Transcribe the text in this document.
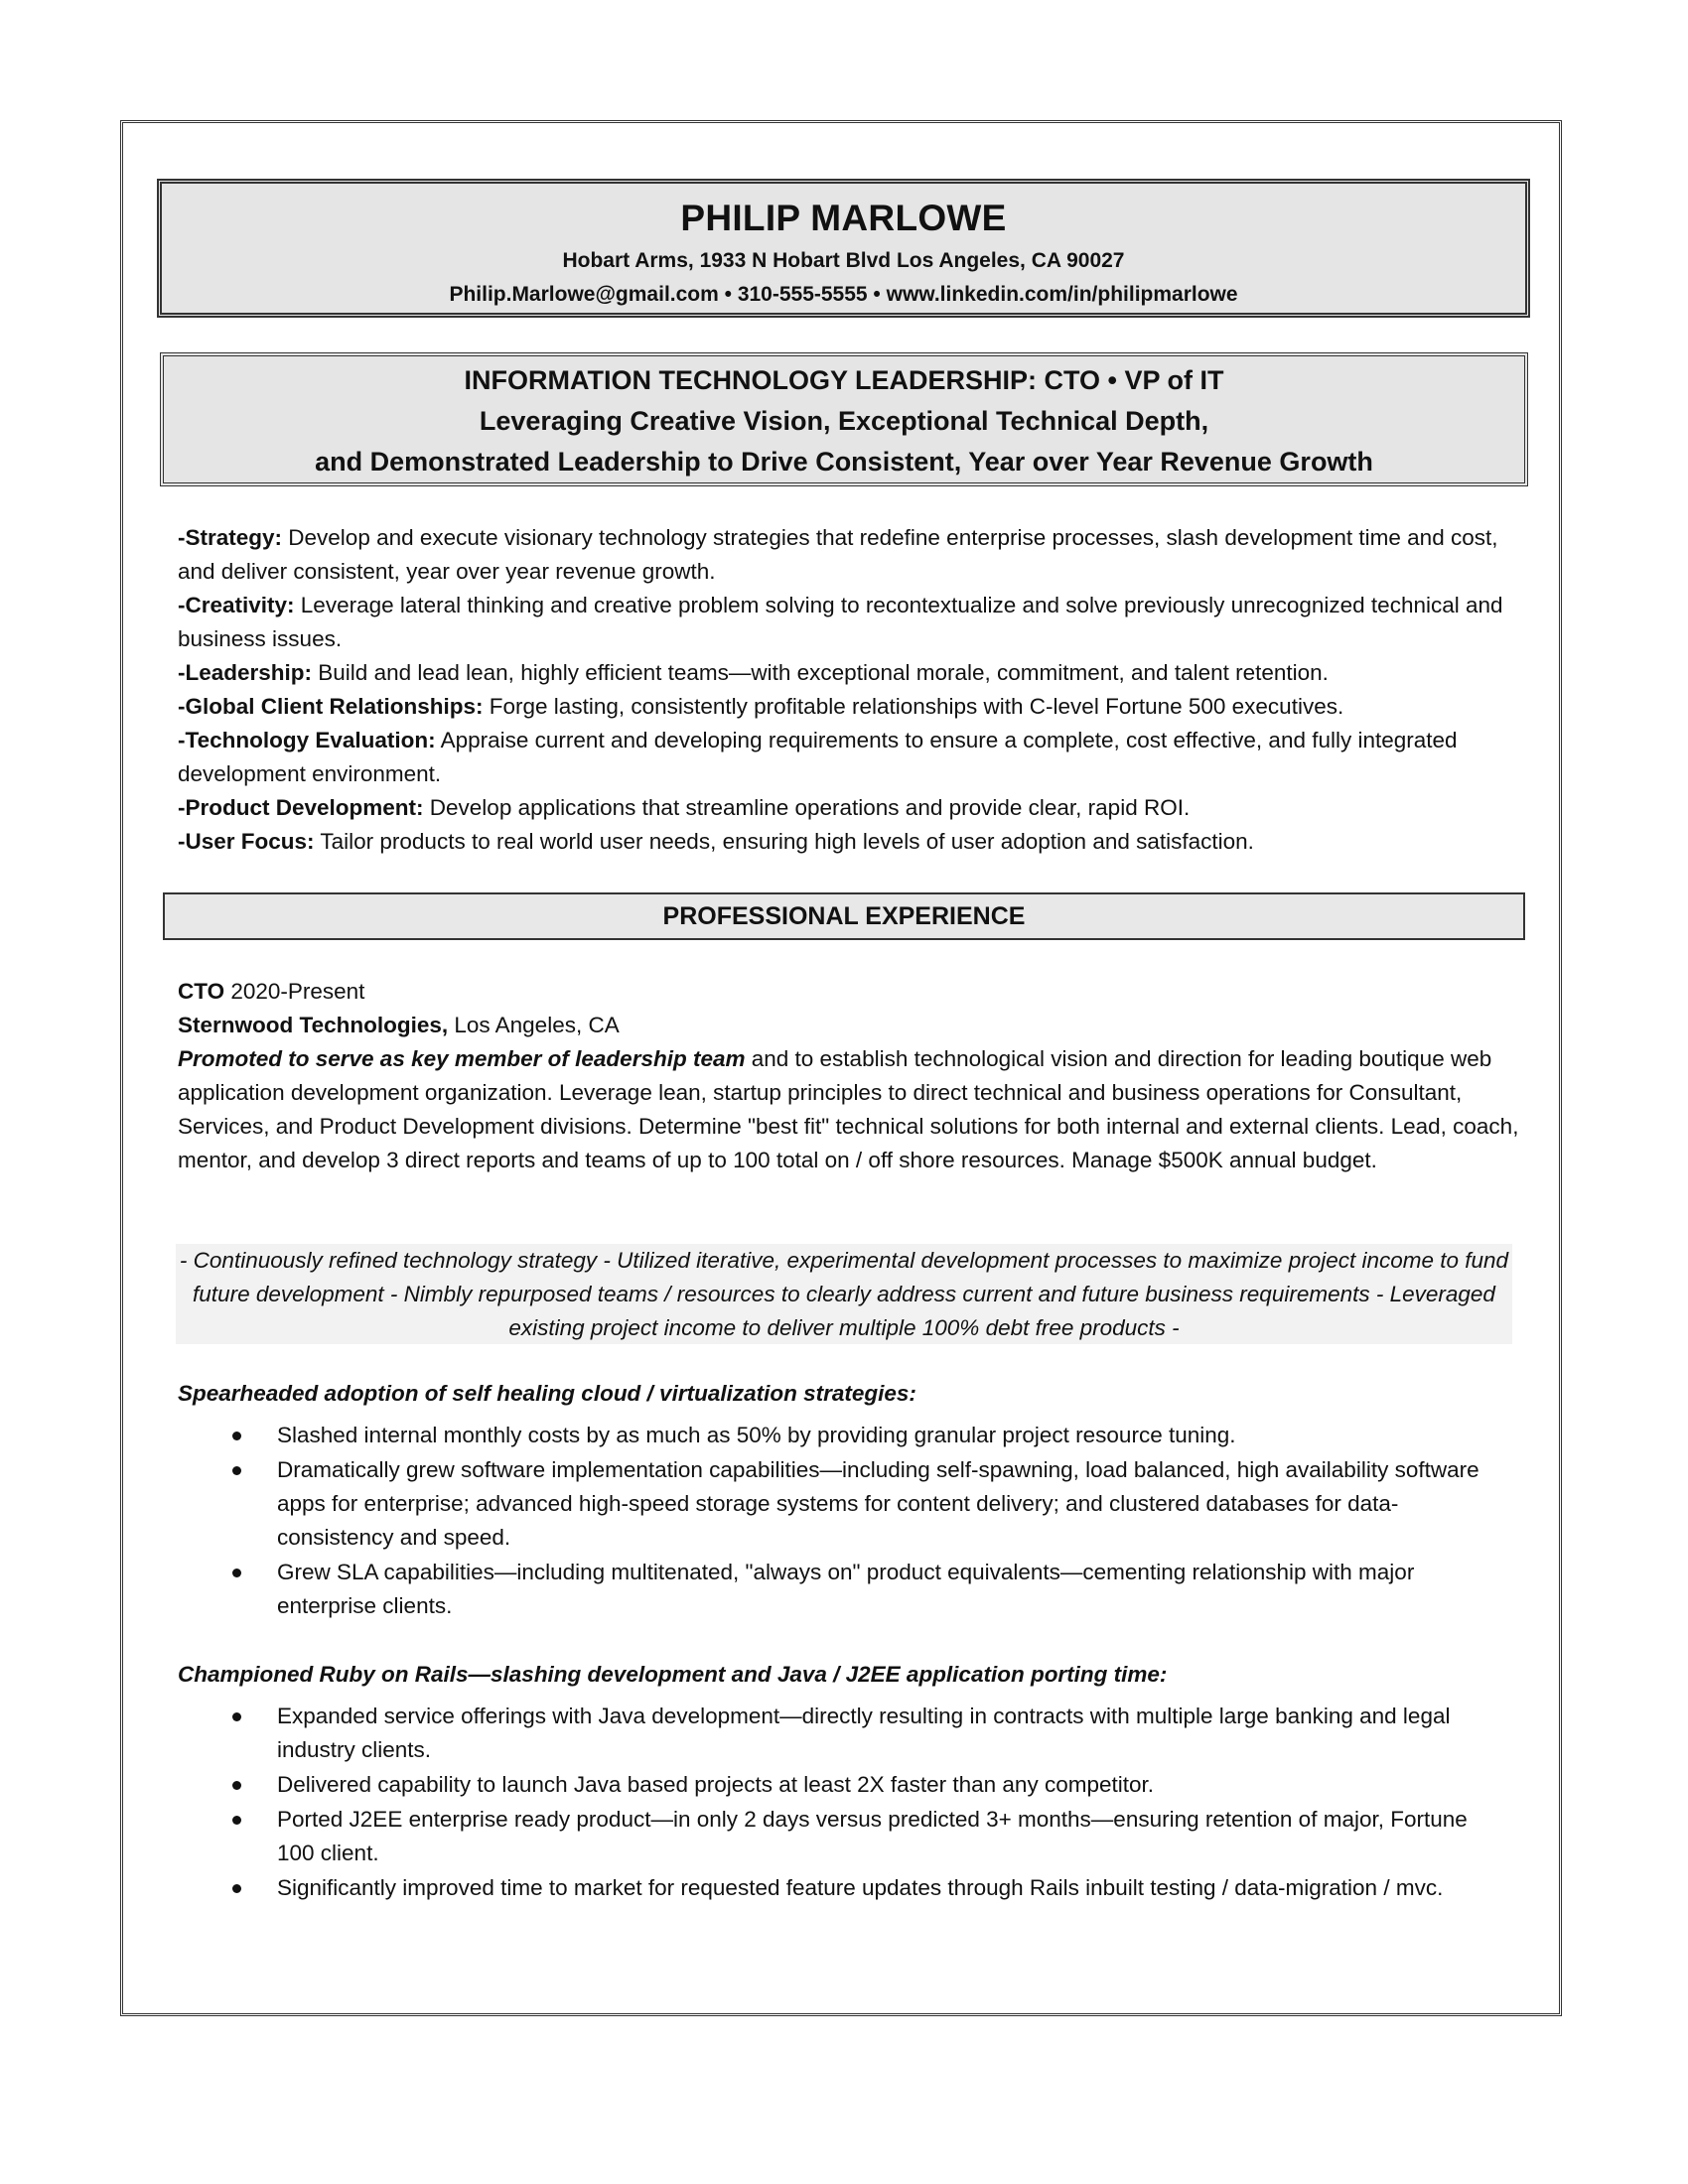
PHILIP MARLOWE
Hobart Arms, 1933 N Hobart Blvd Los Angeles, CA 90027
Philip.Marlowe@gmail.com • 310-555-5555 • www.linkedin.com/in/philipmarlowe
INFORMATION TECHNOLOGY LEADERSHIP: CTO • VP of IT
Leveraging Creative Vision, Exceptional Technical Depth,
and Demonstrated Leadership to Drive Consistent, Year over Year Revenue Growth
-Strategy: Develop and execute visionary technology strategies that redefine enterprise processes, slash development time and cost, and deliver consistent, year over year revenue growth.
-Creativity: Leverage lateral thinking and creative problem solving to recontextualize and solve previously unrecognized technical and business issues.
-Leadership: Build and lead lean, highly efficient teams—with exceptional morale, commitment, and talent retention.
-Global Client Relationships: Forge lasting, consistently profitable relationships with C-level Fortune 500 executives.
-Technology Evaluation: Appraise current and developing requirements to ensure a complete, cost effective, and fully integrated development environment.
-Product Development: Develop applications that streamline operations and provide clear, rapid ROI.
-User Focus: Tailor products to real world user needs, ensuring high levels of user adoption and satisfaction.
PROFESSIONAL EXPERIENCE
CTO 2020-Present
Sternwood Technologies, Los Angeles, CA
Promoted to serve as key member of leadership team and to establish technological vision and direction for leading boutique web application development organization. Leverage lean, startup principles to direct technical and business operations for Consultant, Services, and Product Development divisions. Determine "best fit" technical solutions for both internal and external clients. Lead, coach, mentor, and develop 3 direct reports and teams of up to 100 total on / off shore resources. Manage $500K annual budget.
- Continuously refined technology strategy - Utilized iterative, experimental development processes to maximize project income to fund future development - Nimbly repurposed teams / resources to clearly address current and future business requirements - Leveraged existing project income to deliver multiple 100% debt free products -
Spearheaded adoption of self healing cloud / virtualization strategies:
Slashed internal monthly costs by as much as 50% by providing granular project resource tuning.
Dramatically grew software implementation capabilities—including self-spawning, load balanced, high availability software apps for enterprise; advanced high-speed storage systems for content delivery; and clustered databases for data-consistency and speed.
Grew SLA capabilities—including multitenated, "always on" product equivalents—cementing relationship with major enterprise clients.
Championed Ruby on Rails—slashing development and Java / J2EE application porting time:
Expanded service offerings with Java development—directly resulting in contracts with multiple large banking and legal industry clients.
Delivered capability to launch Java based projects at least 2X faster than any competitor.
Ported J2EE enterprise ready product—in only 2 days versus predicted 3+ months—ensuring retention of major, Fortune 100 client.
Significantly improved time to market for requested feature updates through Rails inbuilt testing / data-migration / mvc.
